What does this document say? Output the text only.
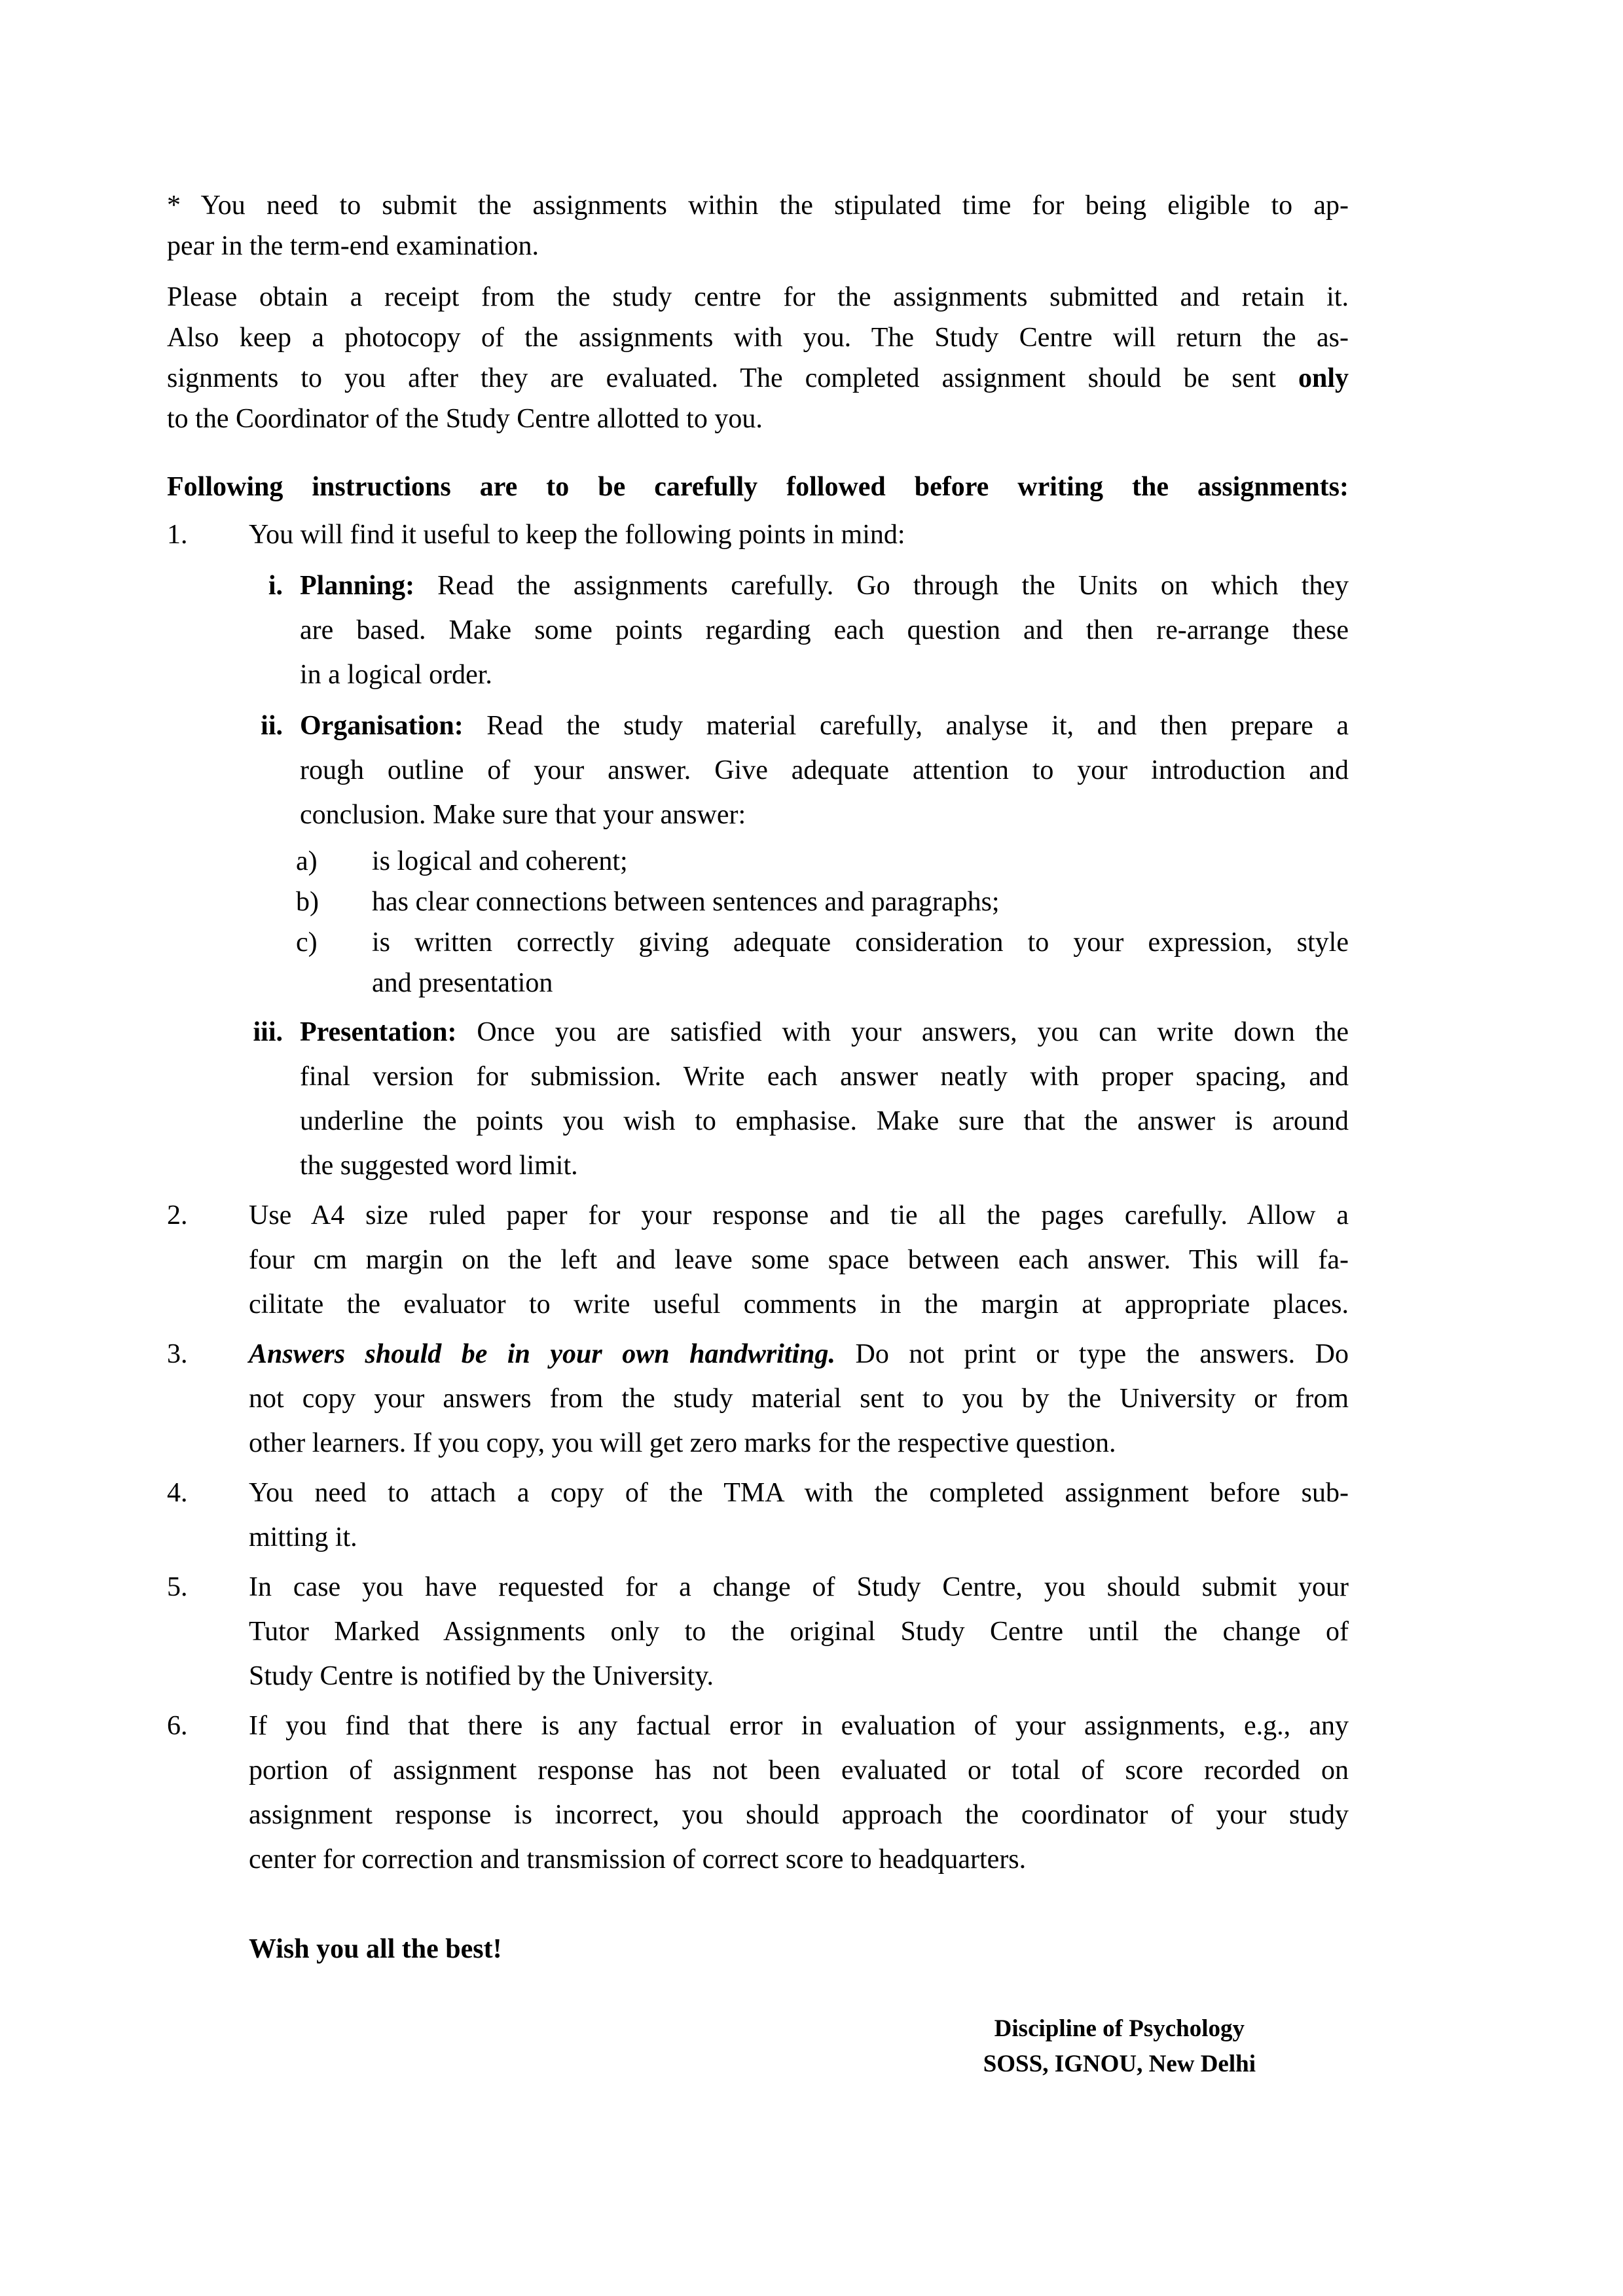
* You need to submit the assignments within the stipulated time for being eligible to ap-
pear in the term-end examination.
Please obtain a receipt from the study centre for the assignments submitted and retain it.
Also keep a photocopy of the assignments with you. The Study Centre will return the as-
signments to you after they are evaluated. The completed assignment should be sent only
to the Coordinator of the Study Centre allotted to you.
Following instructions are to be carefully followed before writing the assignments:
1. You will find it useful to keep the following points in mind:
i. Planning: Read the assignments carefully. Go through the Units on which they
are based. Make some points regarding each question and then re-arrange these
in a logical order.
ii. Organisation: Read the study material carefully, analyse it, and then prepare a
rough outline of your answer. Give adequate attention to your introduction and
conclusion. Make sure that your answer:
a) is logical and coherent;
b) has clear connections between sentences and paragraphs;
c) is written correctly giving adequate consideration to your expression, style
and presentation
iii. Presentation: Once you are satisfied with your answers, you can write down the
final version for submission. Write each answer neatly with proper spacing, and
underline the points you wish to emphasise. Make sure that the answer is around
the suggested word limit.
2. Use A4 size ruled paper for your response and tie all the pages carefully. Allow a
four cm margin on the left and leave some space between each answer. This will fa-
cilitate the evaluator to write useful comments in the margin at appropriate places.
3. Answers should be in your own handwriting. Do not print or type the answers. Do
not copy your answers from the study material sent to you by the University or from
other learners. If you copy, you will get zero marks for the respective question.
4. You need to attach a copy of the TMA with the completed assignment before sub-
mitting it.
5. In case you have requested for a change of Study Centre, you should submit your
Tutor Marked Assignments only to the original Study Centre until the change of
Study Centre is notified by the University.
6. If you find that there is any factual error in evaluation of your assignments, e.g., any
portion of assignment response has not been evaluated or total of score recorded on
assignment response is incorrect, you should approach the coordinator of your study
center for correction and transmission of correct score to headquarters.
Wish you all the best!
Discipline of Psychology
SOSS, IGNOU, New Delhi
